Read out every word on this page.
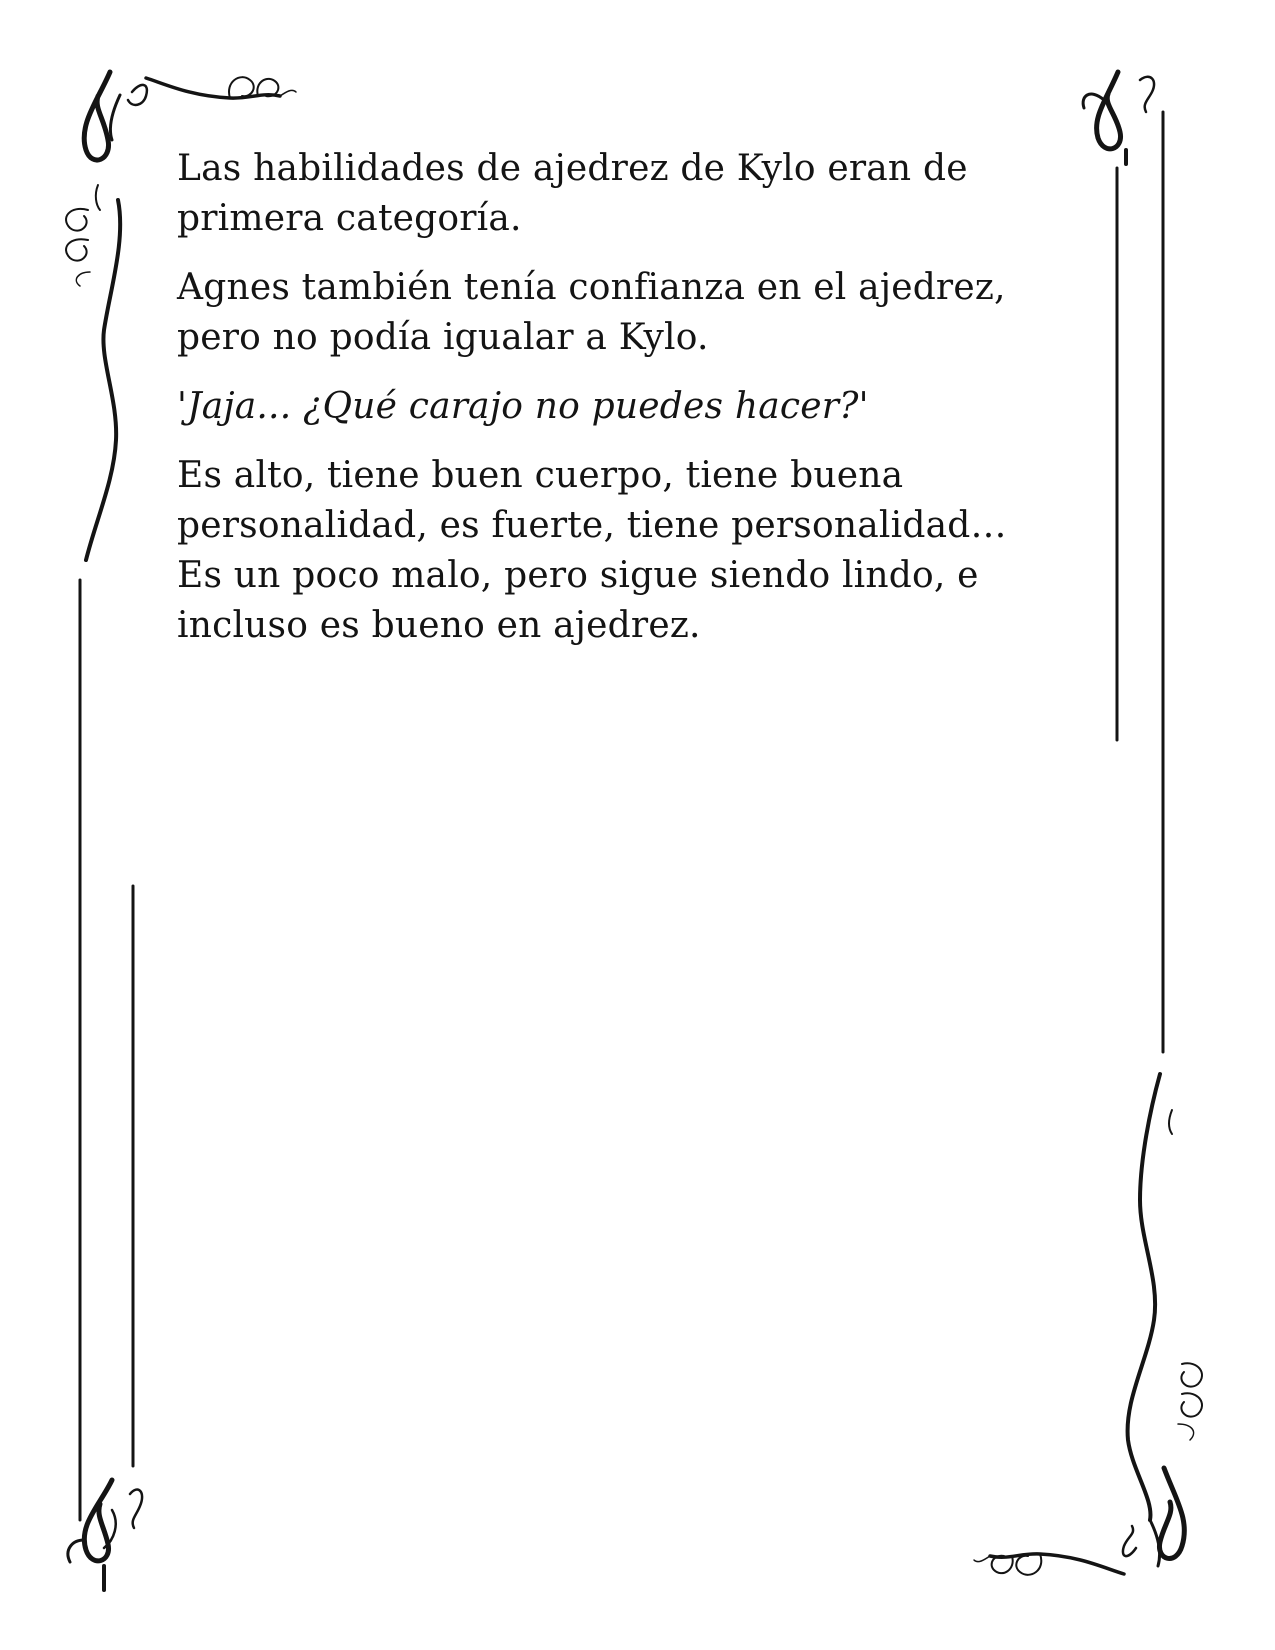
Las habilidades de ajedrez de Kylo eran de
primera categoría.

Agnes también tenía confianza en el ajedrez,
pero no podía igualar a Kylo.

'Jaja... ¿Qué carajo no puedes hacer?'

Es alto, tiene buen cuerpo, tiene buena
personalidad, es fuerte, tiene personalidad…
Es un poco malo, pero sigue siendo lindo, e
incluso es bueno en ajedrez.
